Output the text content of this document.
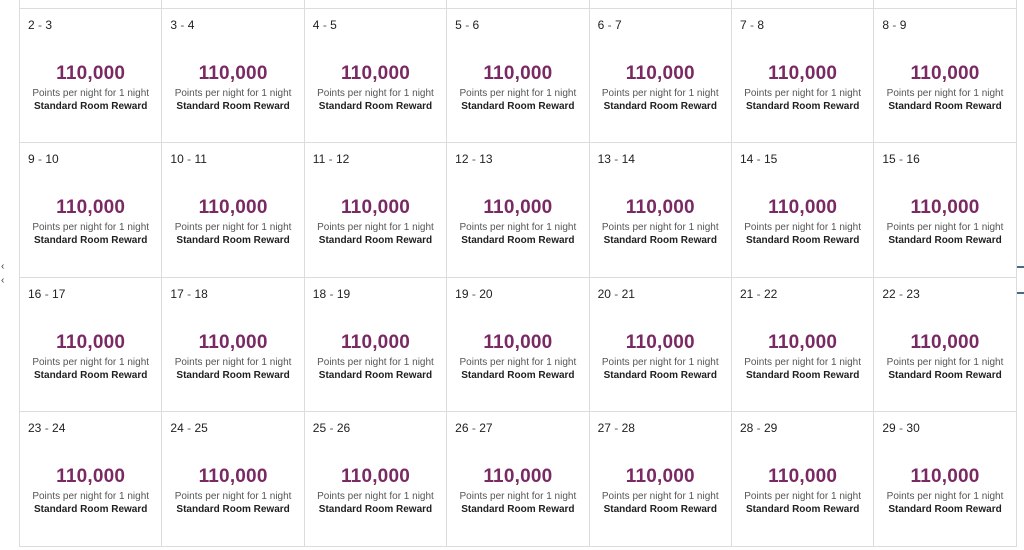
‹
‹
2 - 3
110,000
Points per night for 1 night
Standard Room Reward
3 - 4
110,000
Points per night for 1 night
Standard Room Reward
4 - 5
110,000
Points per night for 1 night
Standard Room Reward
5 - 6
110,000
Points per night for 1 night
Standard Room Reward
6 - 7
110,000
Points per night for 1 night
Standard Room Reward
7 - 8
110,000
Points per night for 1 night
Standard Room Reward
8 - 9
110,000
Points per night for 1 night
Standard Room Reward
9 - 10
110,000
Points per night for 1 night
Standard Room Reward
10 - 11
110,000
Points per night for 1 night
Standard Room Reward
11 - 12
110,000
Points per night for 1 night
Standard Room Reward
12 - 13
110,000
Points per night for 1 night
Standard Room Reward
13 - 14
110,000
Points per night for 1 night
Standard Room Reward
14 - 15
110,000
Points per night for 1 night
Standard Room Reward
15 - 16
110,000
Points per night for 1 night
Standard Room Reward
16 - 17
110,000
Points per night for 1 night
Standard Room Reward
17 - 18
110,000
Points per night for 1 night
Standard Room Reward
18 - 19
110,000
Points per night for 1 night
Standard Room Reward
19 - 20
110,000
Points per night for 1 night
Standard Room Reward
20 - 21
110,000
Points per night for 1 night
Standard Room Reward
21 - 22
110,000
Points per night for 1 night
Standard Room Reward
22 - 23
110,000
Points per night for 1 night
Standard Room Reward
23 - 24
110,000
Points per night for 1 night
Standard Room Reward
24 - 25
110,000
Points per night for 1 night
Standard Room Reward
25 - 26
110,000
Points per night for 1 night
Standard Room Reward
26 - 27
110,000
Points per night for 1 night
Standard Room Reward
27 - 28
110,000
Points per night for 1 night
Standard Room Reward
28 - 29
110,000
Points per night for 1 night
Standard Room Reward
29 - 30
110,000
Points per night for 1 night
Standard Room Reward
